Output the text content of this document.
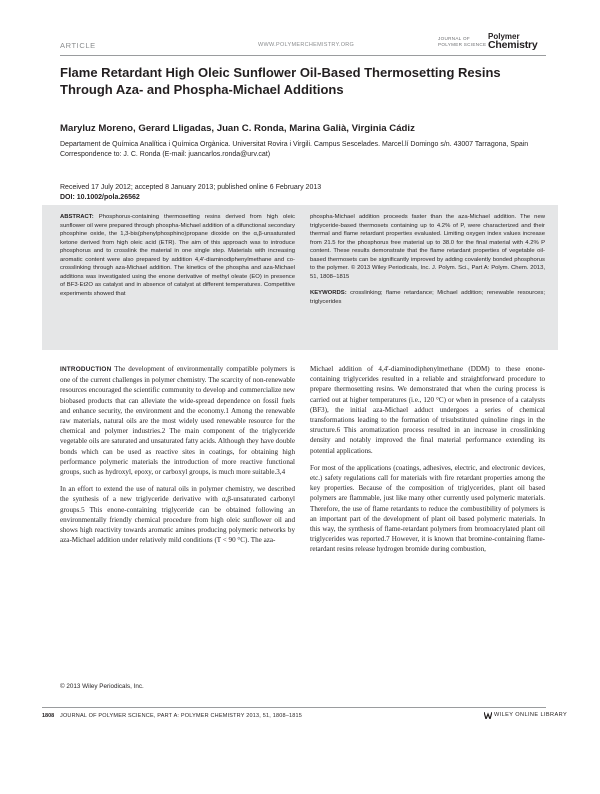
ARTICLE	WWW.POLYMERCHEMISTRY.ORG
JOURNAL OF
POLYMER SCIENCE
Polymer
Chemistry
Flame Retardant High Oleic Sunflower Oil-Based Thermosetting Resins Through Aza- and Phospha-Michael Additions
Maryluz Moreno, Gerard Lligadas, Juan C. Ronda, Marina Galià, Virginia Cádiz
Departament de Química Analítica i Química Orgànica. Universitat Rovira i Virgili. Campus Sescelades. Marcel.lí Domingo s/n. 43007 Tarragona, Spain
Correspondence to: J. C. Ronda (E-mail: juancarlos.ronda@urv.cat)
Received 17 July 2012; accepted 8 January 2013; published online 6 February 2013
DOI: 10.1002/pola.26562
ABSTRACT: Phosphorus-containing thermosetting resins derived from high oleic sunflower oil were prepared through phospha-Michael addition of a difunctional secondary phosphine oxide, the 1,3-bis(phenylphosphino)propane dioxide on the α,β-unsaturated ketone derived from high oleic acid (ETR). The aim of this approach was to introduce phosphorus and to crosslink the material in one single step. Materials with increasing aromatic content were also prepared by addition 4,4'-diaminodiphenylmethane and co-crosslinking through aza-Michael addition. The kinetics of the phospha and aza-Michael additions was investigated using the enone derivative of methyl oleate (EO) in presence of BF3·Et2O as catalyst and in absence of catalyst at different temperatures. Competitive experiments showed that
phospha-Michael addition proceeds faster than the aza-Michael addition. The new triglyceride-based thermosets containing up to 4.2% of P, were characterized and their thermal and flame retardant properties evaluated. Limiting oxygen index values increase from 21.5 for the phosphorus free material up to 38.0 for the final material with 4.2% P content. These results demonstrate that the flame retardant properties of vegetable oil-based thermosets can be significantly improved by adding covalently bonded phosphorus to the polymer. © 2013 Wiley Periodicals, Inc. J. Polym. Sci., Part A: Polym. Chem. 2013, 51, 1808–1815
KEYWORDS: crosslinking; flame retardance; Michael addition; renewable resources; triglycerides

INTRODUCTION The development of environmentally compatible polymers is one of the current challenges in polymer chemistry. The scarcity of non-renewable resources encouraged the scientific community to develop and commercialize new biobased products that can alleviate the wide-spread dependence on fossil fuels and enhance security, the environment and the economy.1 Among the renewable raw materials, natural oils are the most widely used renewable resource for the chemical and polymer industries.2 The main component of the triglyceride vegetable oils are saturated and unsaturated fatty acids. Although they have double bonds which can be used as reactive sites in coatings, for obtaining high performance polymeric materials the introduction of more reactive functional groups, such as hydroxyl, epoxy, or carboxyl groups, is much more suitable.3,4

In an effort to extend the use of natural oils in polymer chemistry, we described the synthesis of a new triglyceride derivative with α,β-unsaturated carbonyl groups.5 This enone-containing triglyceride can be obtained following an environmentally friendly chemical procedure from high oleic sunflower oil and shows high reactivity towards aromatic amines producing polymeric networks by aza-Michael addition under relatively mild conditions (T < 90 °C). The aza-

Michael addition of 4,4'-diaminodiphenylmethane (DDM) to these enone-containing triglycerides resulted in a reliable and straightforward procedure to prepare thermosetting resins. We demonstrated that when the curing process is carried out at higher temperatures (i.e., 120 °C) or when in presence of a catalysts (BF3), the initial aza-Michael adduct undergoes a series of chemical transformations leading to the formation of trisubstituted quinoline rings in the structure.6 This aromatization process resulted in an increase in crosslinking density and notably improved the final material performance extending its potential applications.

For most of the applications (coatings, adhesives, electric, and electronic devices, etc.) safety regulations call for materials with fire retardant properties among the key properties. Because of the composition of triglycerides, plant oil based polymers are flammable, just like many other currently used polymeric materials. Therefore, the use of flame retardants to reduce the combustibility of polymers is an important part of the development of plant oil based polymeric materials. In this way, the synthesis of flame-retardant polymers from bromoacrylated plant oil triglycerides was reported.7 However, it is known that bromine-containing flame-retardant resins release hydrogen bromide during combustion,

© 2013 Wiley Periodicals, Inc.
1808 JOURNAL OF POLYMER SCIENCE, PART A: POLYMER CHEMISTRY 2013, 51, 1808–1815	WILEY ONLINE LIBRARY
